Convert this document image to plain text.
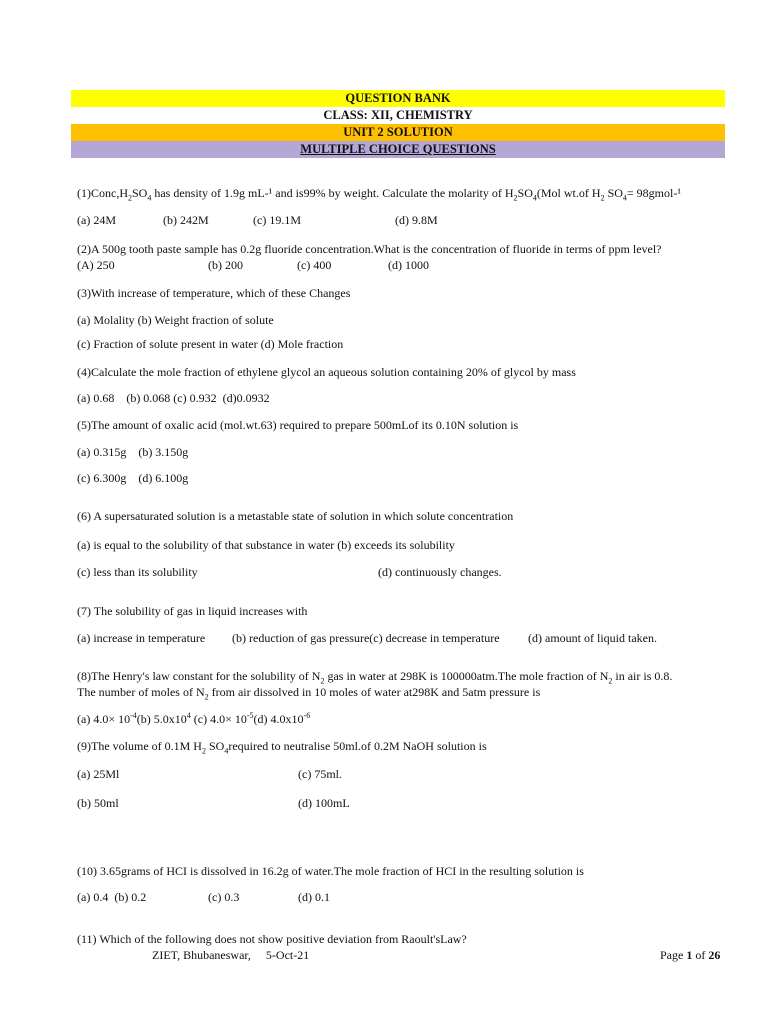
QUESTION BANK
CLASS: XII, CHEMISTRY
UNIT 2 SOLUTION
MULTIPLE CHOICE QUESTIONS
$(1)Conc,H_2SO_4$ has density of 1.9g mL-¹ and is99% by weight. Calculate the molarity of $H_2SO_4(Mol$ wt.of $H_2$ $SO_4=$ 98gmol-¹
(a) 24M	(b) 242M	(c) 19.1M	(d) 9.8M
(2)A 500g tooth paste sample has 0.2g fluoride concentration.What is the concentration of fluoride in terms of ppm level?
(A) 250	(b) 200	(c) 400	(d) 1000
(3)With increase of temperature, which of these Changes
(a) Molality (b) Weight fraction of solute
(c) Fraction of solute present in water (d) Mole fraction
(4)Calculate the mole fraction of ethylene glycol an aqueous solution containing 20% of glycol by mass
(a) 0.68    (b) 0.068 (c) 0.932  (d)0.0932
(5)The amount of oxalic acid (mol.wt.63) required to prepare 500mLof its 0.10N solution is
(a) 0.315g    (b) 3.150g
(c) 6.300g    (d) 6.100g
(6) A supersaturated solution is a metastable state of solution in which solute concentration
(a) is equal to the solubility of that substance in water (b) exceeds its solubility
(c) less than its solubility	(d) continuously changes.
(7) The solubility of gas in liquid increases with
(a) increase in temperature (b) reduction of gas pressure(c) decrease in temperature (d) amount of liquid taken.
(8)The Henry's law constant for the solubility of $N_2$ gas in water at 298K is 100000atm.The mole fraction of $N_2$ in air is 0.8.
The number of moles of $N_2$ from air dissolved in 10 moles of water at298K and 5atm pressure is
(a) $4.0\times 10^{-4}(b)$ $5.0x10^4$ (c) $4.0\times 10^{-5}(d)$ $4.0x10^{-6}$
(9)The volume of 0.1M $H_2$ $SO_4required$ to neutralise 50ml.of 0.2M NaOH solution is
(a) 25Ml	(c) 75ml.
(b) 50ml	(d) 100mL
(10) 3.65grams of HCI is dissolved in 16.2g of water.The mole fraction of HCI in the resulting solution is
(a) 0.4  (b) 0.2	(c) 0.3	(d) 0.1
(11) Which of the following does not show positive deviation from Raoult'sLaw?
ZIET, Bhubaneswar,     5-Oct-21	Page 1 of 26
